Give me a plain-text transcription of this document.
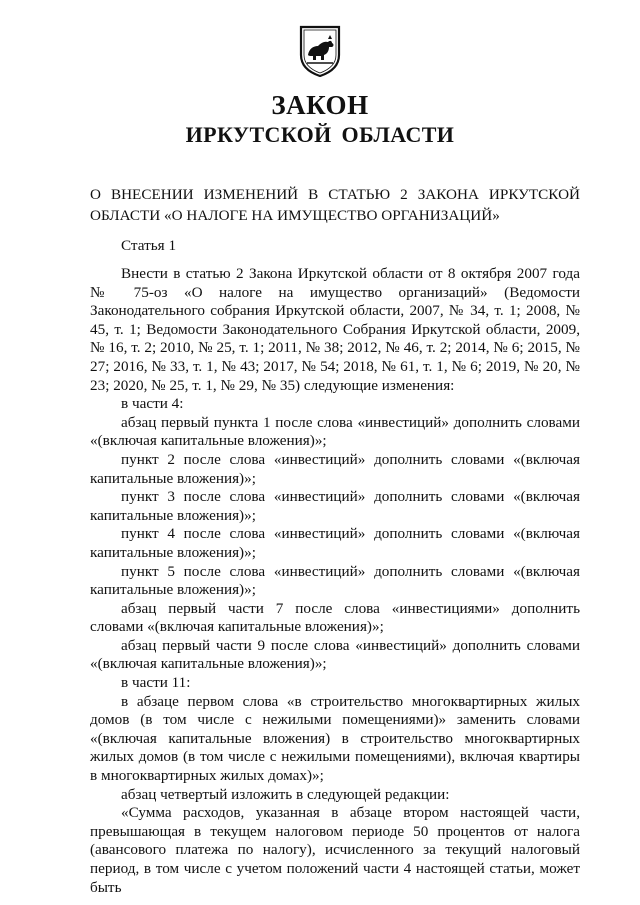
ЗАКОН
ИРКУТСКОЙ ОБЛАСТИ
О ВНЕСЕНИИ ИЗМЕНЕНИЙ В СТАТЬЮ 2 ЗАКОНА ИРКУТСКОЙ ОБЛАСТИ «О НАЛОГЕ НА ИМУЩЕСТВО ОРГАНИЗАЦИЙ»
Статья 1

Внести в статью 2 Закона Иркутской области от 8 октября 2007 года № 75-оз «О налоге на имущество организаций» (Ведомости Законодательного собрания Иркутской области, 2007, № 34, т. 1; 2008, № 45, т. 1; Ведомости Законодательного Собрания Иркутской области, 2009, № 16, т. 2; 2010, № 25, т. 1; 2011, № 38; 2012, № 46, т. 2; 2014, № 6; 2015, № 27; 2016, № 33, т. 1, № 43; 2017, № 54; 2018, № 61, т. 1, № 6; 2019, № 20, № 23; 2020, № 25, т. 1, № 29, № 35) следующие изменения:

в части 4:

абзац первый пункта 1 после слова «инвестиций» дополнить словами «(включая капитальные вложения)»;

пункт 2 после слова «инвестиций» дополнить словами «(включая капитальные вложения)»;

пункт 3 после слова «инвестиций» дополнить словами «(включая капитальные вложения)»;

пункт 4 после слова «инвестиций» дополнить словами «(включая капитальные вложения)»;

пункт 5 после слова «инвестиций» дополнить словами «(включая капитальные вложения)»;

абзац первый части 7 после слова «инвестициями» дополнить словами «(включая капитальные вложения)»;

абзац первый части 9 после слова «инвестиций» дополнить словами «(включая капитальные вложения)»;

в части 11:

в абзаце первом слова «в строительство многоквартирных жилых домов (в том числе с нежилыми помещениями)» заменить словами «(включая капитальные вложения) в строительство многоквартирных жилых домов (в том числе с нежилыми помещениями), включая квартиры в многоквартирных жилых домах)»;

абзац четвертый изложить в следующей редакции:

«Сумма расходов, указанная в абзаце втором настоящей части, превышающая в текущем налоговом периоде 50 процентов от налога (авансового платежа по налогу), исчисленного за текущий налоговый период, в том числе с учетом положений части 4 настоящей статьи, может быть
